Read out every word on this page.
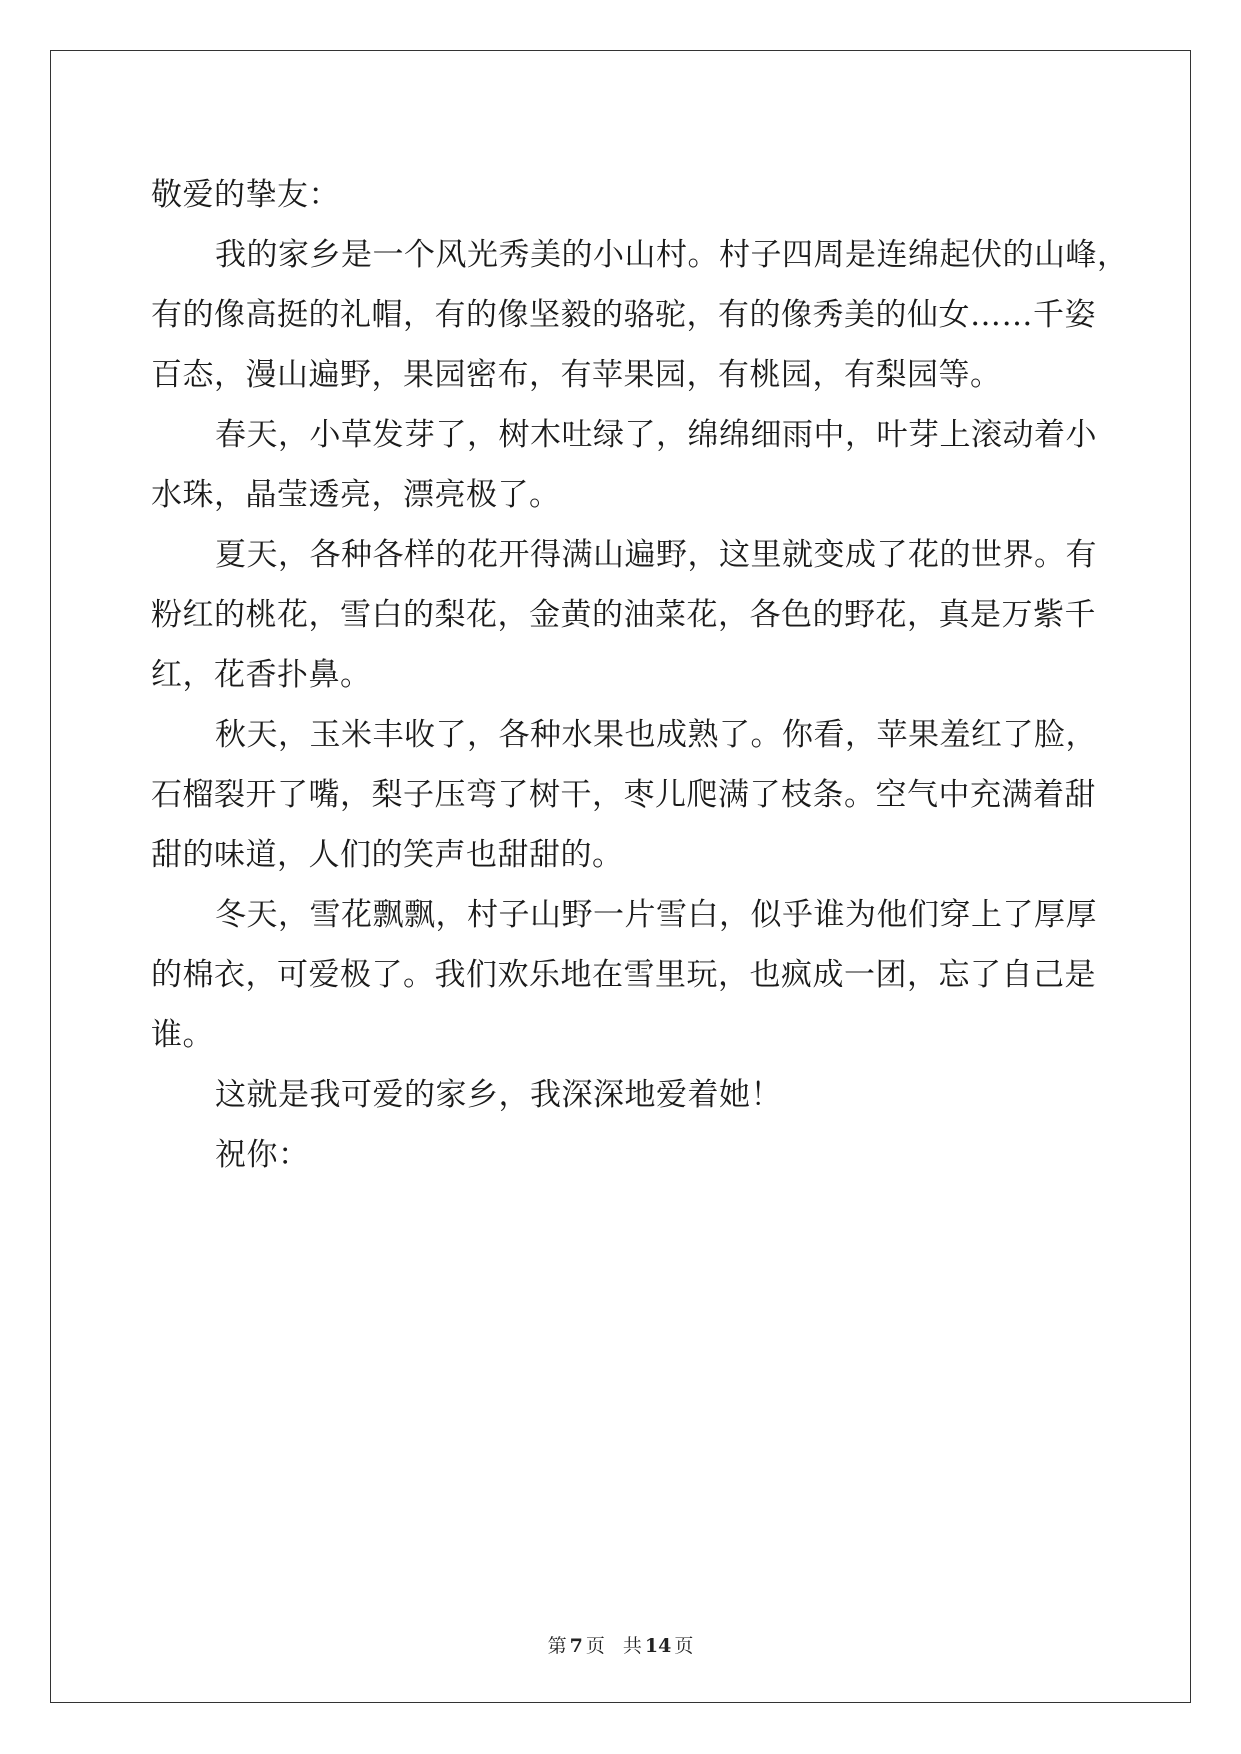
敬爱的挚友：
我的家乡是一个风光秀美的小山村。村子四周是连绵起伏的山峰，
有的像高挺的礼帽，有的像坚毅的骆驼，有的像秀美的仙女……千姿
百态，漫山遍野，果园密布，有苹果园，有桃园，有梨园等。
春天，小草发芽了，树木吐绿了，绵绵细雨中，叶芽上滚动着小
水珠，晶莹透亮，漂亮极了。
夏天，各种各样的花开得满山遍野，这里就变成了花的世界。有
粉红的桃花，雪白的梨花，金黄的油菜花，各色的野花，真是万紫千
红，花香扑鼻。
秋天，玉米丰收了，各种水果也成熟了。你看，苹果羞红了脸，
石榴裂开了嘴，梨子压弯了树干，枣儿爬满了枝条。空气中充满着甜
甜的味道，人们的笑声也甜甜的。
冬天，雪花飘飘，村子山野一片雪白，似乎谁为他们穿上了厚厚
的棉衣，可爱极了。我们欢乐地在雪里玩，也疯成一团，忘了自己是
谁。
这就是我可爱的家乡，我深深地爱着她！
祝你：
第 7 页 共 14 页
